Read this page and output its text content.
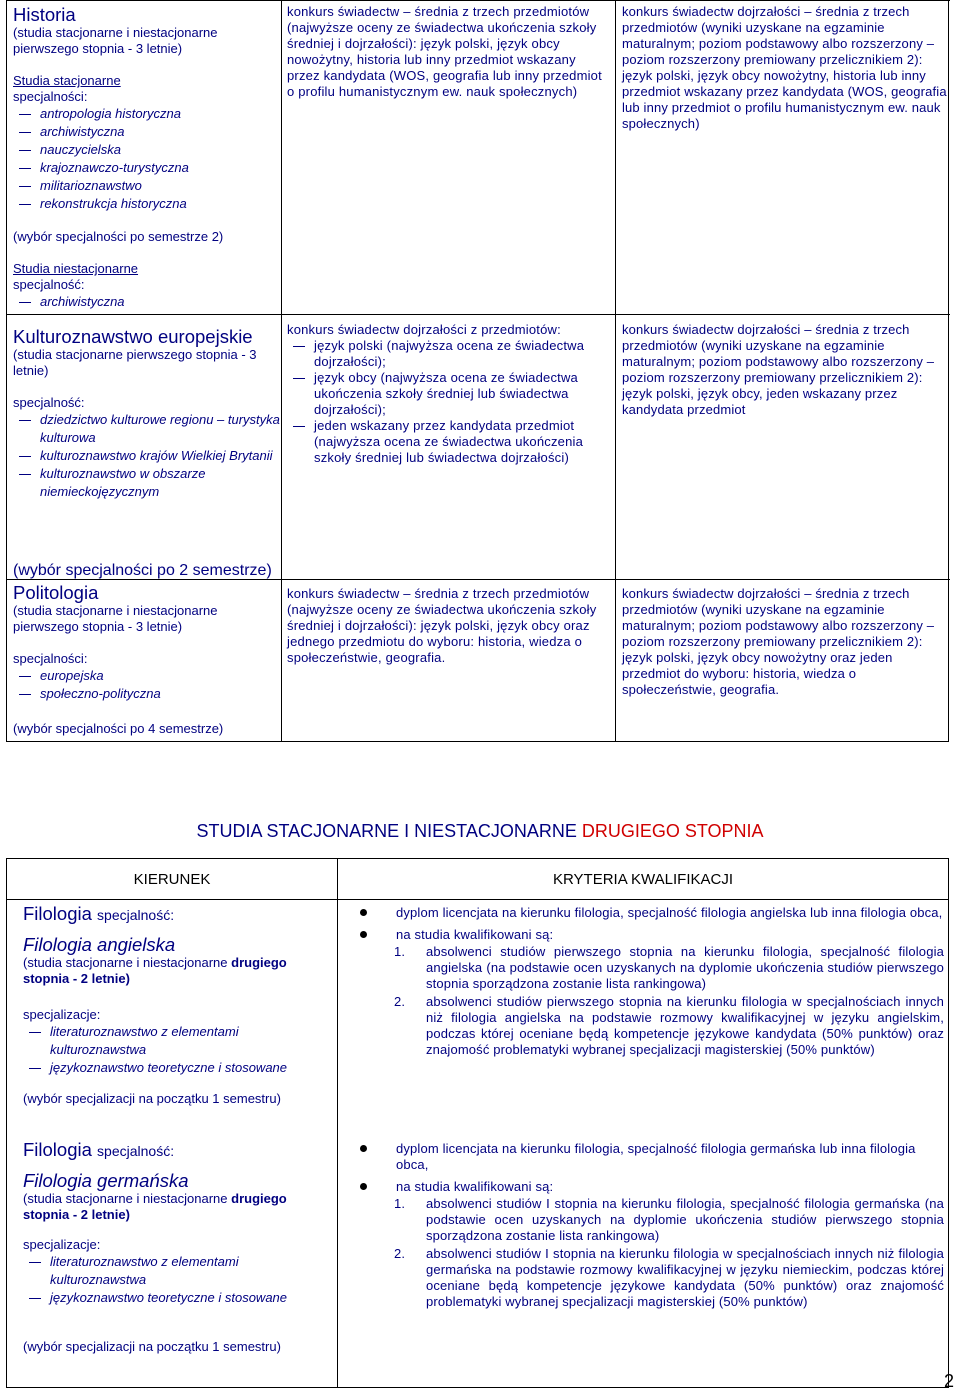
Historia
(studia stacjonarne i niestacjonarne pierwszego stopnia - 3 letnie)
Studia stacjonarne
specjalności:
antropologia historyczna
archiwistyczna
nauczycielska
krajoznawczo-turystyczna
militarioznawstwo
rekonstrukcja historyczna
(wybór specjalności po semestrze 2)
Studia niestacjonarne
specjalność:
archiwistyczna
konkurs świadectw – średnia z trzech przedmiotów (najwyższe oceny ze świadectwa ukończenia szkoły średniej i dojrzałości): język polski, język obcy nowożytny, historia lub inny przedmiot wskazany przez kandydata (WOS, geografia lub inny przedmiot o profilu humanistycznym ew. nauk społecznych)
konkurs świadectw dojrzałości – średnia z trzech przedmiotów (wyniki uzyskane na egzaminie maturalnym; poziom podstawowy albo rozszerzony – poziom rozszerzony premiowany przelicznikiem 2): język polski, język obcy nowożytny, historia lub inny przedmiot wskazany przez kandydata (WOS, geografia lub inny przedmiot o profilu humanistycznym ew. nauk społecznych)
Kulturoznawstwo europejskie
(studia stacjonarne pierwszego stopnia - 3 letnie)
specjalność:
dziedzictwo kulturowe regionu – turystyka kulturowa
kulturoznawstwo krajów Wielkiej Brytanii
kulturoznawstwo w obszarze niemieckojęzycznym
konkurs świadectw dojrzałości z przedmiotów:
język polski (najwyższa ocena ze świadectwa dojrzałości);
język obcy (najwyższa ocena ze świadectwa ukończenia szkoły średniej lub świadectwa dojrzałości);
jeden wskazany przez kandydata przedmiot (najwyższa ocena ze świadectwa ukończenia szkoły średniej lub świadectwa dojrzałości)
konkurs świadectw dojrzałości – średnia z trzech przedmiotów (wyniki uzyskane na egzaminie maturalnym; poziom podstawowy albo rozszerzony – poziom rozszerzony premiowany przelicznikiem 2): język polski, język obcy, jeden wskazany przez kandydata przedmiot
(wybór specjalności po 2 semestrze)
Politologia
(studia stacjonarne i niestacjonarne pierwszego stopnia - 3 letnie)
specjalności:
europejska
społeczno-polityczna
(wybór specjalności po 4 semestrze)
konkurs świadectw – średnia z trzech przedmiotów (najwyższe oceny ze świadectwa ukończenia szkoły średniej i dojrzałości): język polski, język obcy oraz jednego przedmiotu do wyboru: historia, wiedza o społeczeństwie, geografia.
konkurs świadectw dojrzałości – średnia z trzech przedmiotów (wyniki uzyskane na egzaminie maturalnym; poziom podstawowy albo rozszerzony – poziom rozszerzony premiowany przelicznikiem 2): język polski, język obcy nowożytny oraz jeden przedmiot do wyboru: historia, wiedza o społeczeństwie, geografia.
STUDIA STACJONARNE I NIESTACJONARNE DRUGIEGO STOPNIA
KIERUNEK	KRYTERIA KWALIFIKACJI
Filologia specjalność:
Filologia angielska
(studia stacjonarne i niestacjonarne drugiego stopnia - 2 letnie)
specjalizacje:
literaturoznawstwo z elementami kulturoznawstwa
językoznawstwo teoretyczne i stosowane
(wybór specjalizacji na początku 1 semestru)
dyplom licencjata na kierunku filologia, specjalność filologia angielska lub inna filologia obca,
na studia kwalifikowani są:
1. absolwenci studiów pierwszego stopnia na kierunku filologia, specjalność filologia angielska (na podstawie ocen uzyskanych na dyplomie ukończenia studiów pierwszego stopnia sporządzona zostanie lista rankingowa)
2. absolwenci studiów pierwszego stopnia na kierunku filologia w specjalnościach innych niż filologia angielska na podstawie rozmowy kwalifikacyjnej w języku angielskim, podczas której oceniane będą kompetencje językowe kandydata (50% punktów) oraz znajomość problematyki wybranej specjalizacji magisterskiej (50% punktów)
Filologia specjalność:
Filologia germańska
(studia stacjonarne i niestacjonarne drugiego stopnia - 2 letnie)
specjalizacje:
literaturoznawstwo z elementami kulturoznawstwa
językoznawstwo teoretyczne i stosowane
(wybór specjalizacji na początku 1 semestru)
dyplom licencjata na kierunku filologia, specjalność filologia germańska lub inna filologia obca,
na studia kwalifikowani są:
1. absolwenci studiów I stopnia na kierunku filologia, specjalność filologia germańska (na podstawie ocen uzyskanych na dyplomie ukończenia studiów pierwszego stopnia sporządzona zostanie lista rankingowa)
2. absolwenci studiów I stopnia na kierunku filologia w specjalnościach innych niż filologia germańska na podstawie rozmowy kwalifikacyjnej w języku niemieckim, podczas której oceniane będą kompetencje językowe kandydata (50% punktów) oraz znajomość problematyki wybranej specjalizacji magisterskiej (50% punktów)
2
